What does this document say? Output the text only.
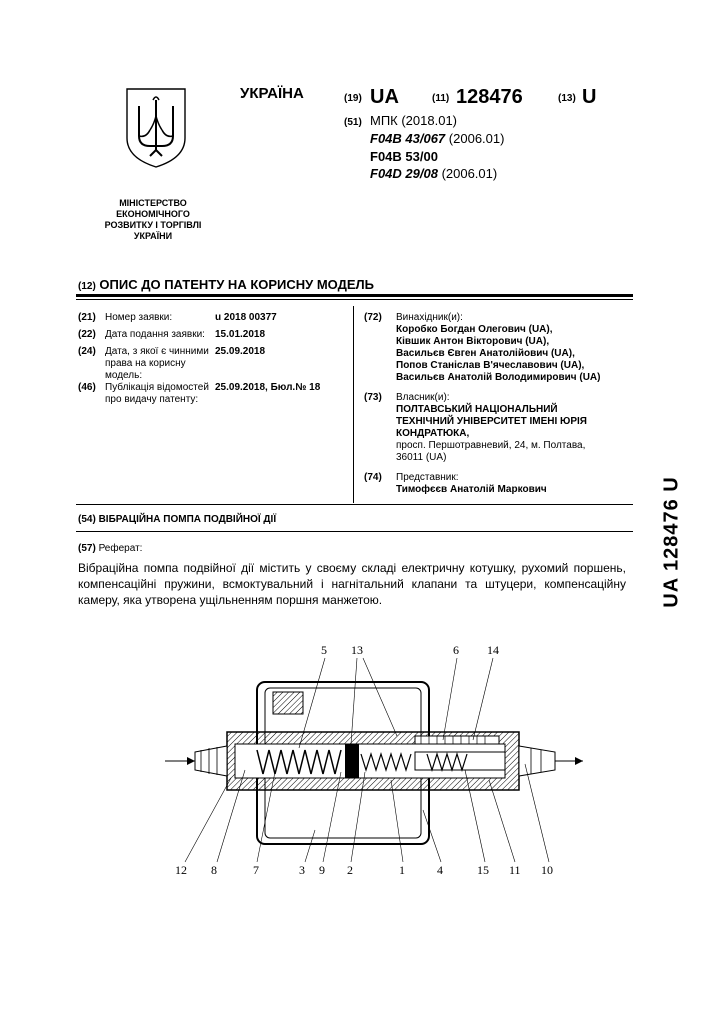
МІНІСТЕРСТВО
ЕКОНОМІЧНОГО
РОЗВИТКУ І ТОРГІВЛІ
УКРАЇНИ
УКРАЇНА	(19) UA	(11) 128476	(13) U
(51) МПК (2018.01)
F04B 43/067 (2006.01)
F04B 53/00
F04D 29/08 (2006.01)
(12) ОПИС ДО ПАТЕНТУ НА КОРИСНУ МОДЕЛЬ
(21) Номер заявки:	u 2018 00377
(22) Дата подання заявки:	15.01.2018
(24) Дата, з якої є чинними права на корисну модель:
25.09.2018
(46) Публікація відомостей про видачу патенту:
25.09.2018, Бюл.№ 18
(72) Винахідник(и):
Коробко Богдан Олегович (UA),
Ківшик Антон Вікторович (UA),
Васильєв Євген Анатолійович (UA),
Попов Станіслав В'ячеславович (UA),
Васильєв Анатолій Володимирович (UA)
(73) Власник(и):
ПОЛТАВСЬКИЙ НАЦІОНАЛЬНИЙ
ТЕХНІЧНИЙ УНІВЕРСИТЕТ ІМЕНІ ЮРІЯ
КОНДРАТЮКА,
просп. Першотравневий, 24, м. Полтава,
36011 (UA)
(74) Представник:
Тимофєєв Анатолій Маркович
(54) ВІБРАЦІЙНА ПОМПА ПОДВІЙНОЇ ДІЇ
(57) Реферат:
Вібраційна помпа подвійної дії містить у своєму складі електричну котушку, рухомий поршень, компенсаційні пружини, всмоктувальний і нагнітальний клапани та штуцери, компенсаційну камеру, яка утворена ущільненням поршня манжетою.	UA 128476 U
5 13	6 14
12 8	7	3 9 2	1	4	15 11 10
